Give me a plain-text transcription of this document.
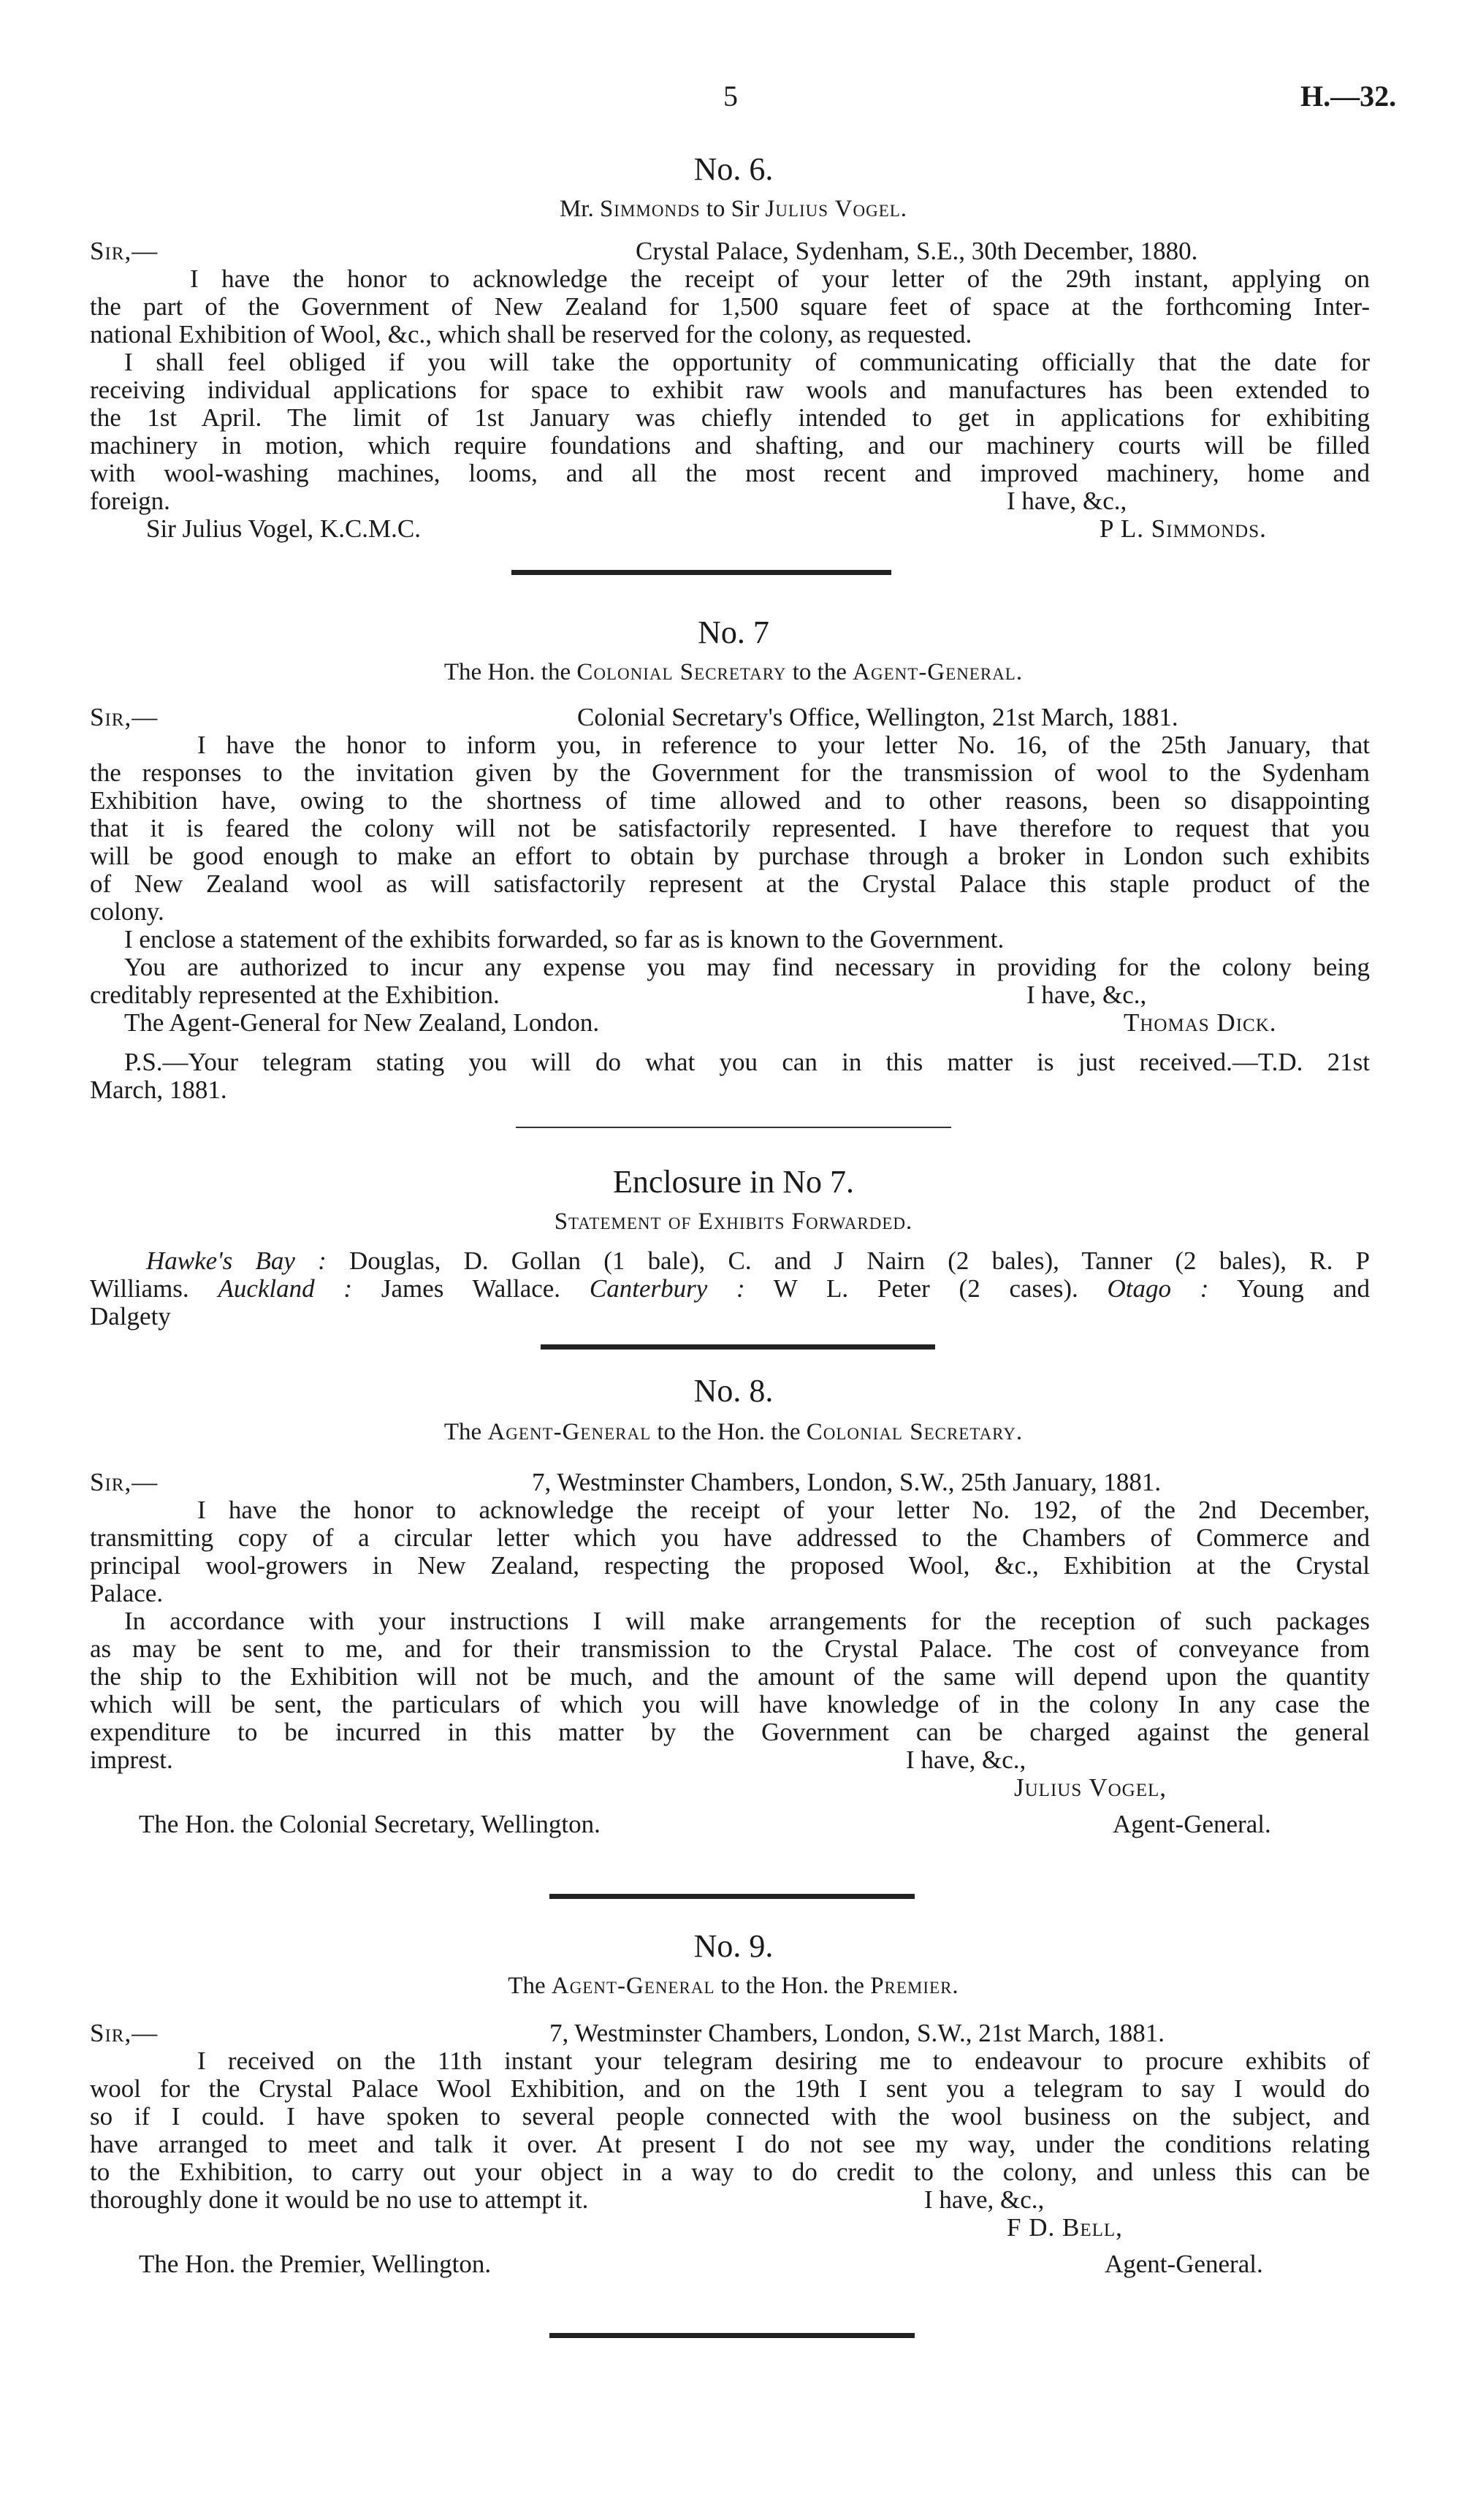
5	H.—32.
No. 6.
Mr. Simmonds to Sir Julius Vogel.
Sir,—	Crystal Palace, Sydenham, S.E., 30th December, 1880.
I have the honor to acknowledge the receipt of your letter of the 29th instant, applying on
the part of the Government of New Zealand for 1,500 square feet of space at the forthcoming Inter-
national Exhibition of Wool, &c., which shall be reserved for the colony, as requested.
I shall feel obliged if you will take the opportunity of communicating officially that the date for
receiving individual applications for space to exhibit raw wools and manufactures has been extended to
the 1st April. The limit of 1st January was chiefly intended to get in applications for exhibiting
machinery in motion, which require foundations and shafting, and our machinery courts will be filled
with wool-washing machines, looms, and all the most recent and improved machinery, home and
foreign.	I have, &c.,
Sir Julius Vogel, K.C.M.C.	P L. Simmonds.
No. 7
The Hon. the Colonial Secretary to the Agent-General.
Sir,—	Colonial Secretary's Office, Wellington, 21st March, 1881.
I have the honor to inform you, in reference to your letter No. 16, of the 25th January, that
the responses to the invitation given by the Government for the transmission of wool to the Sydenham
Exhibition have, owing to the shortness of time allowed and to other reasons, been so disappointing
that it is feared the colony will not be satisfactorily represented. I have therefore to request that you
will be good enough to make an effort to obtain by purchase through a broker in London such exhibits
of New Zealand wool as will satisfactorily represent at the Crystal Palace this staple product of the
colony.
I enclose a statement of the exhibits forwarded, so far as is known to the Government.
You are authorized to incur any expense you may find necessary in providing for the colony being
creditably represented at the Exhibition.	I have, &c.,
The Agent-General for New Zealand, London.	Thomas Dick.
P.S.—Your telegram stating you will do what you can in this matter is just received.—T.D. 21st
March, 1881.
Enclosure in No 7.
Statement of Exhibits Forwarded.
Hawke's Bay : Douglas, D. Gollan (1 bale), C. and J Nairn (2 bales), Tanner (2 bales), R. P
Williams. Auckland : James Wallace. Canterbury : W L. Peter (2 cases). Otago : Young and
Dalgety
No. 8.
The Agent-General to the Hon. the Colonial Secretary.
Sir,—	7, Westminster Chambers, London, S.W., 25th January, 1881.
I have the honor to acknowledge the receipt of your letter No. 192, of the 2nd December,
transmitting copy of a circular letter which you have addressed to the Chambers of Commerce and
principal wool-growers in New Zealand, respecting the proposed Wool, &c., Exhibition at the Crystal
Palace.
In accordance with your instructions I will make arrangements for the reception of such packages
as may be sent to me, and for their transmission to the Crystal Palace. The cost of conveyance from
the ship to the Exhibition will not be much, and the amount of the same will depend upon the quantity
which will be sent, the particulars of which you will have knowledge of in the colony In any case the
expenditure to be incurred in this matter by the Government can be charged against the general
imprest.	I have, &c.,
Julius Vogel,
The Hon. the Colonial Secretary, Wellington.	Agent-General.
No. 9.
The Agent-General to the Hon. the Premier.
Sir,—	7, Westminster Chambers, London, S.W., 21st March, 1881.
I received on the 11th instant your telegram desiring me to endeavour to procure exhibits of
wool for the Crystal Palace Wool Exhibition, and on the 19th I sent you a telegram to say I would do
so if I could. I have spoken to several people connected with the wool business on the subject, and
have arranged to meet and talk it over. At present I do not see my way, under the conditions relating
to the Exhibition, to carry out your object in a way to do credit to the colony, and unless this can be
thoroughly done it would be no use to attempt it.	I have, &c.,
F D. Bell,
The Hon. the Premier, Wellington.	Agent-General.
